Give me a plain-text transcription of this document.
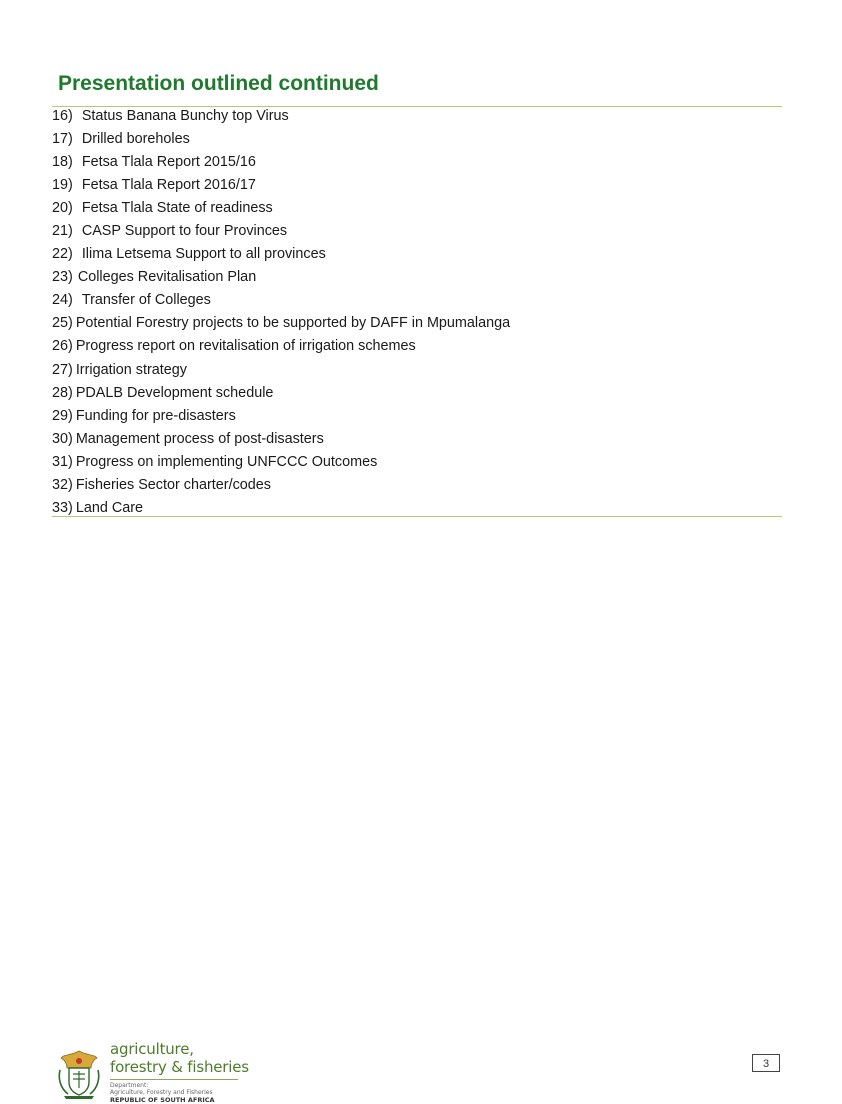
Presentation outlined continued
16) Status Banana Bunchy top Virus
17) Drilled boreholes
18) Fetsa Tlala Report 2015/16
19) Fetsa Tlala Report 2016/17
20) Fetsa Tlala State of readiness
21) CASP Support to four Provinces
22) Ilima Letsema Support to all provinces
23) Colleges Revitalisation Plan
24) Transfer of Colleges
25) Potential Forestry projects to be supported by DAFF in Mpumalanga
26) Progress report on revitalisation of irrigation schemes
27) Irrigation strategy
28) PDALB Development schedule
29) Funding for pre-disasters
30) Management process of post-disasters
31) Progress on implementing UNFCCC Outcomes
32) Fisheries Sector charter/codes
33) Land Care
agriculture,
forestry & fisheries
Department:
Agriculture, Forestry and Fisheries
REPUBLIC OF SOUTH AFRICA
3
